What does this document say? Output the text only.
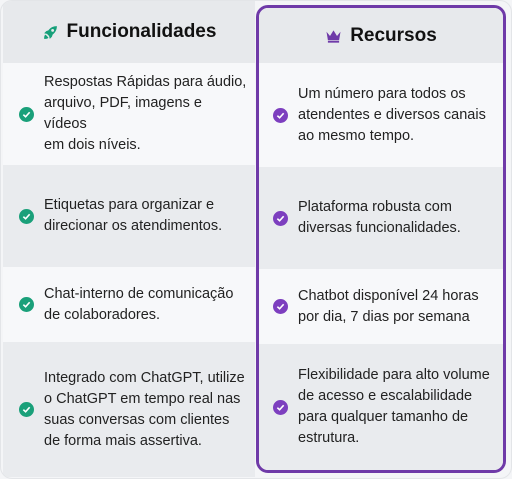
Funcionalidades
Respostas Rápidas para áudio,
arquivo, PDF, imagens e vídeos
em dois níveis.
Etiquetas para organizar e
direcionar os atendimentos.
Chat-interno de comunicação
de colaboradores.
Integrado com ChatGPT, utilize
o ChatGPT em tempo real nas
suas conversas com clientes
de forma mais assertiva.
Recursos
Um número para todos os
atendentes e diversos canais
ao mesmo tempo.
Plataforma robusta com
diversas funcionalidades.
Chatbot disponível 24 horas
por dia, 7 dias por semana
Flexibilidade para alto volume
de acesso e escalabilidade
para qualquer tamanho de
estrutura.
